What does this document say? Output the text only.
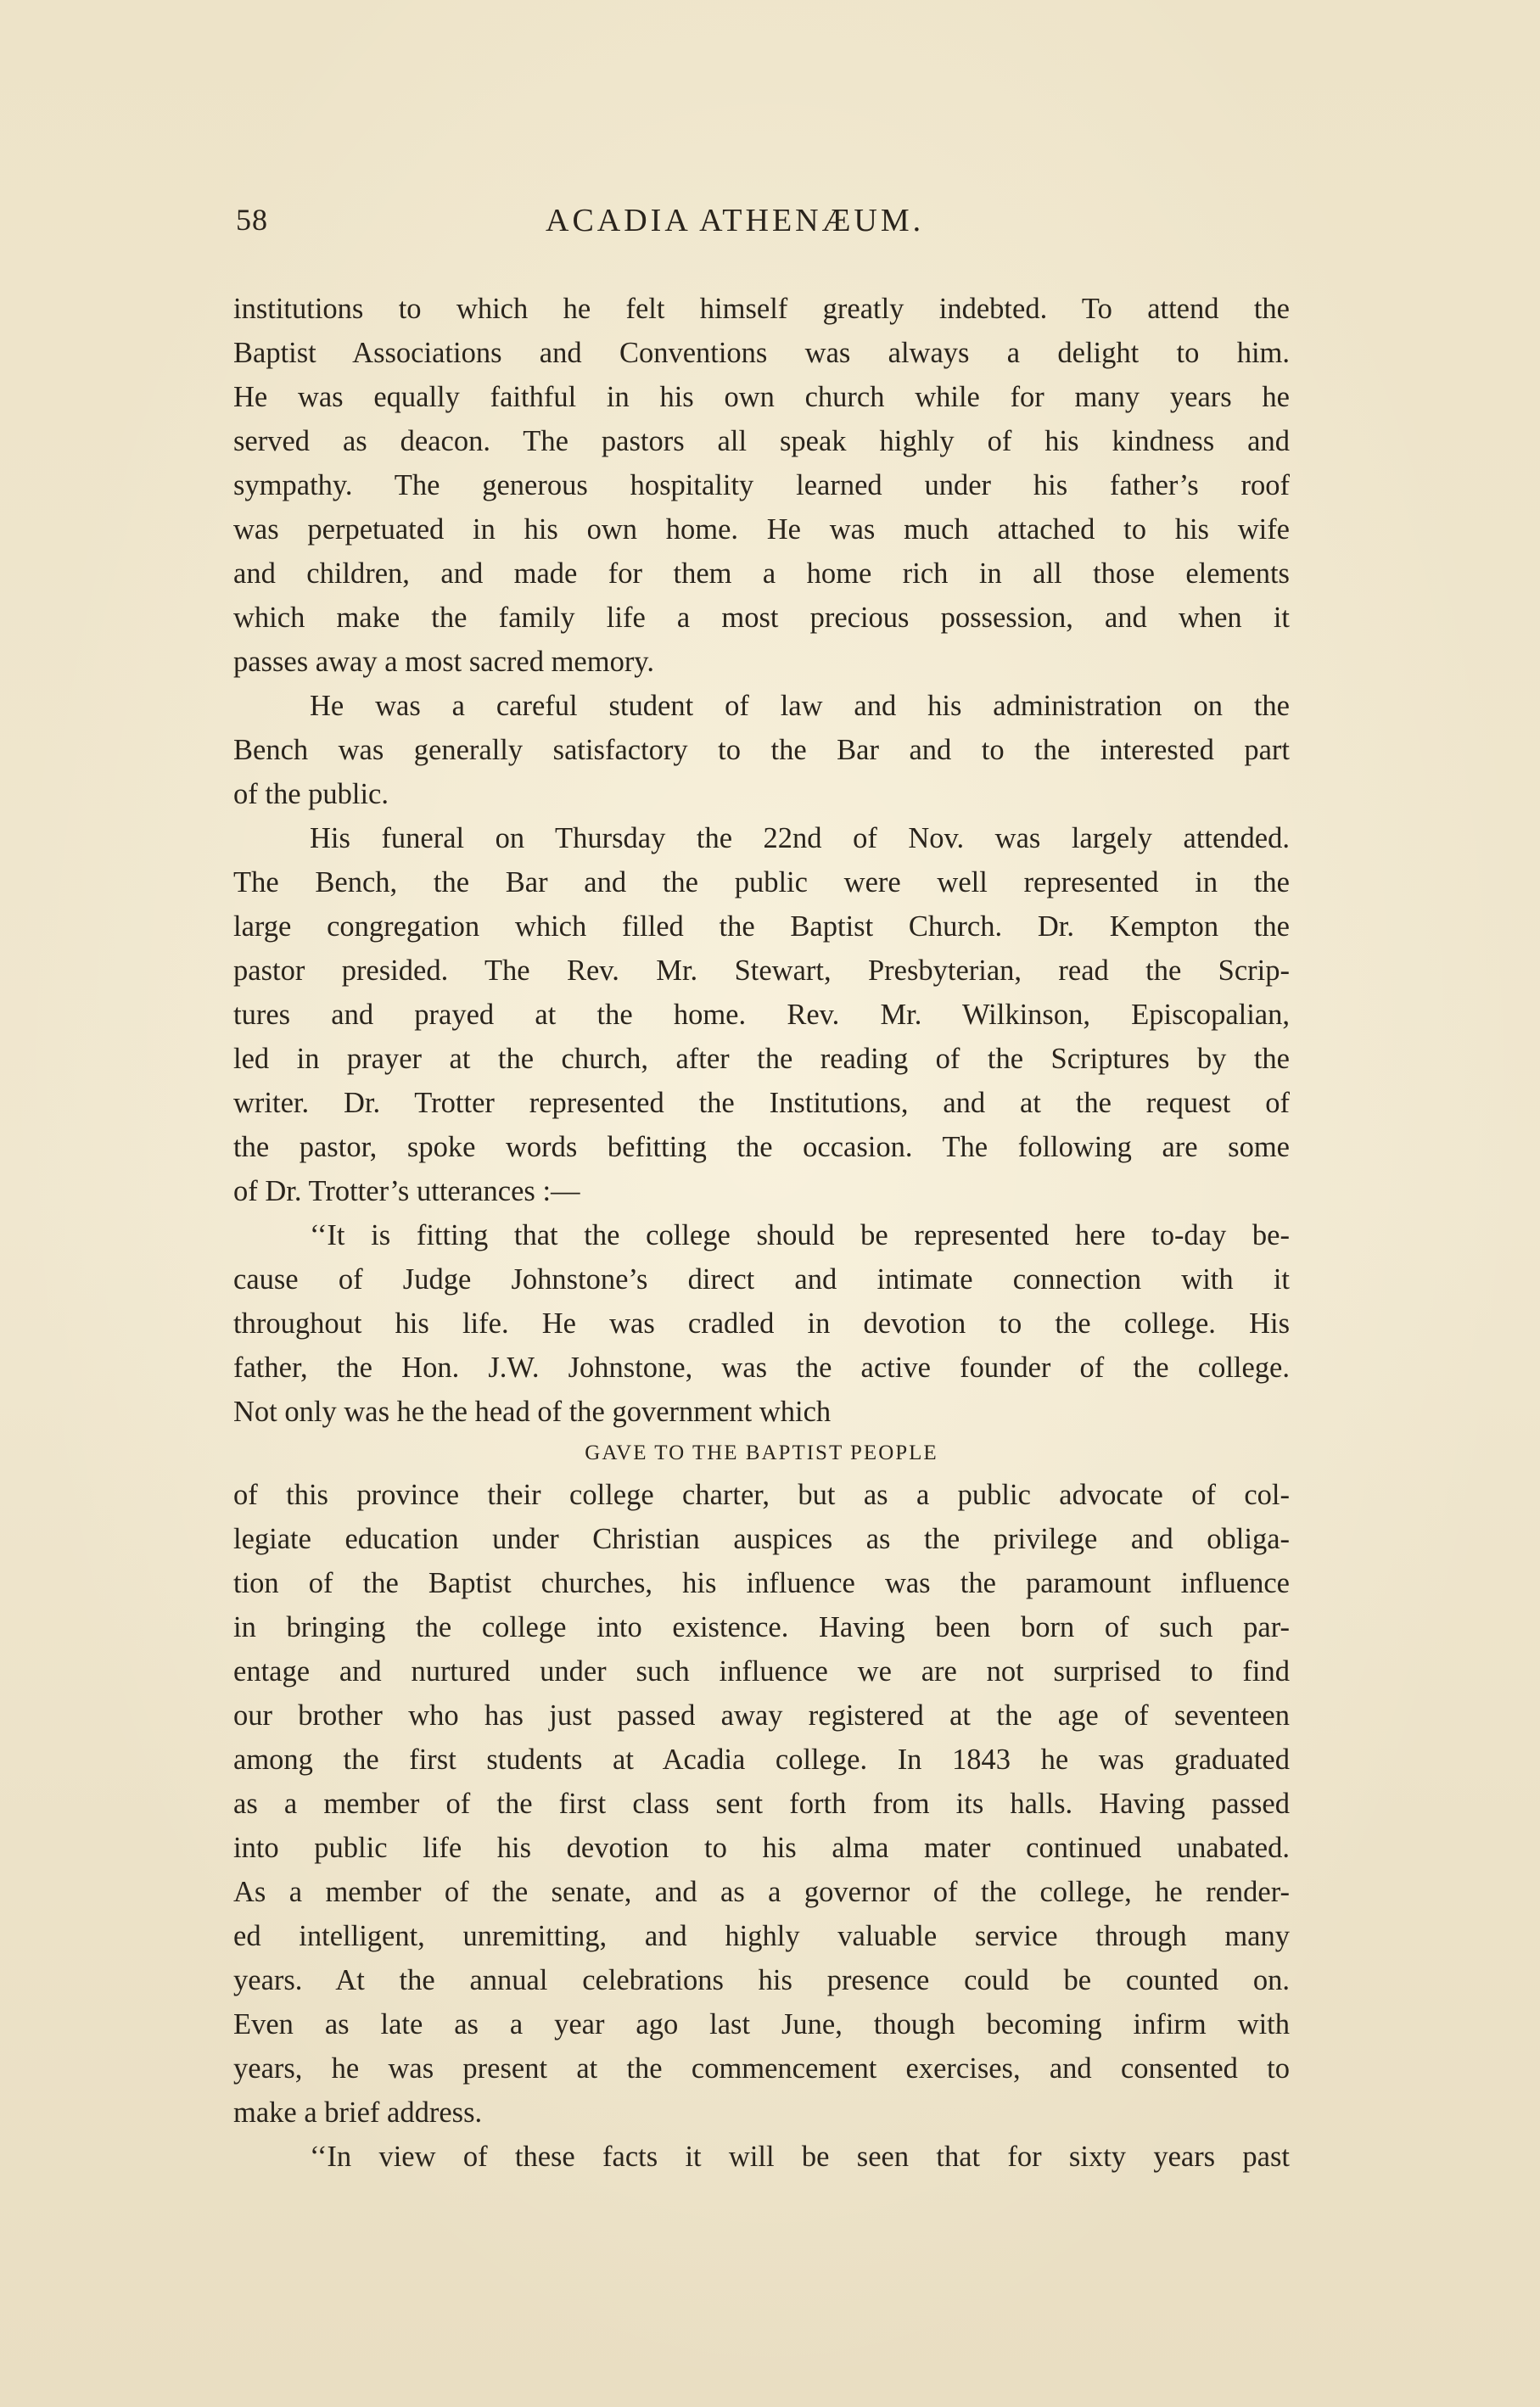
58	ACADIA ATHENÆUM.
institutions to which he felt himself greatly indebted. To attend the
Baptist Associations and Conventions was always a delight to him.
He was equally faithful in his own church while for many years he
served as deacon. The pastors all speak highly of his kindness and
sympathy. The generous hospitality learned under his father’s roof
was perpetuated in his own home. He was much attached to his wife
and children, and made for them a home rich in all those elements
which make the family life a most precious possession, and when it
passes away a most sacred memory.
He was a careful student of law and his administration on the
Bench was generally satisfactory to the Bar and to the interested part
of the public.
His funeral on Thursday the 22nd of Nov. was largely attended.
The Bench, the Bar and the public were well represented in the
large congregation which filled the Baptist Church. Dr. Kempton the
pastor presided. The Rev. Mr. Stewart, Presbyterian, read the Scrip-
tures and prayed at the home. Rev. Mr. Wilkinson, Episcopalian,
led in prayer at the church, after the reading of the Scriptures by the
writer. Dr. Trotter represented the Institutions, and at the request of
the pastor, spoke words befitting the occasion. The following are some
of Dr. Trotter’s utterances :—
‘‘It is fitting that the college should be represented here to-day be-
cause of Judge Johnstone’s direct and intimate connection with it
throughout his life. He was cradled in devotion to the college. His
father, the Hon. J.W. Johnstone, was the active founder of the college.
Not only was he the head of the government which
GAVE TO THE BAPTIST PEOPLE
of this province their college charter, but as a public advocate of col-
legiate education under Christian auspices as the privilege and obliga-
tion of the Baptist churches, his influence was the paramount influence
in bringing the college into existence. Having been born of such par-
entage and nurtured under such influence we are not surprised to find
our brother who has just passed away registered at the age of seventeen
among the first students at Acadia college. In 1843 he was graduated
as a member of the first class sent forth from its halls. Having passed
into public life his devotion to his alma mater continued unabated.
As a member of the senate, and as a governor of the college, he render-
ed intelligent, unremitting, and highly valuable service through many
years. At the annual celebrations his presence could be counted on.
Even as late as a year ago last June, though becoming infirm with
years, he was present at the commencement exercises, and consented to
make a brief address.
‘‘In view of these facts it will be seen that for sixty years past
